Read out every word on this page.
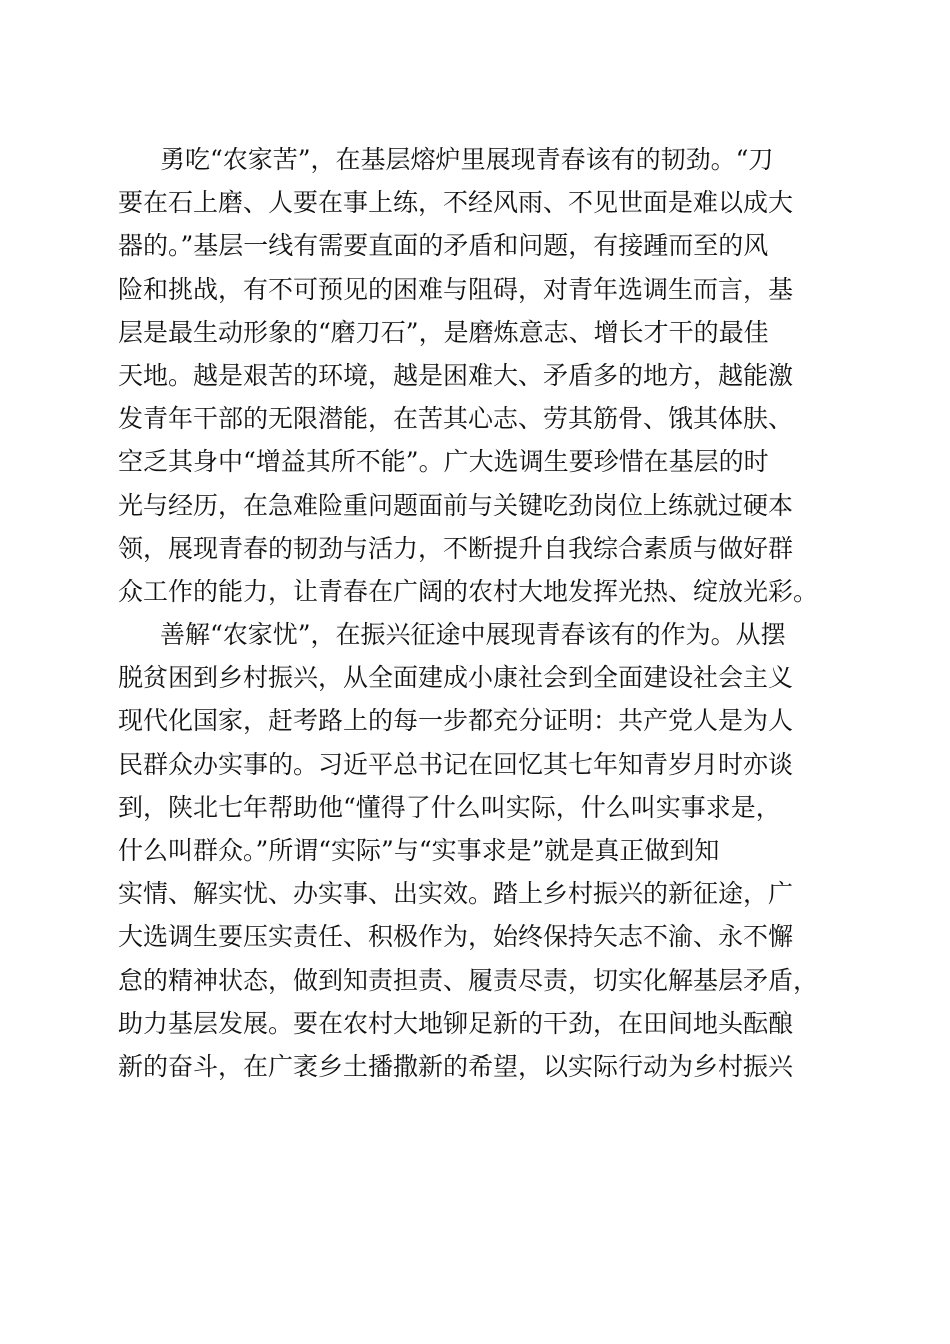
勇吃“农家苦”，在基层熔炉里展现青春该有的韧劲。“刀
要在石上磨、人要在事上练，不经风雨、不见世面是难以成大
器的。”基层一线有需要直面的矛盾和问题，有接踵而至的风
险和挑战，有不可预见的困难与阻碍，对青年选调生而言，基
层是最生动形象的“磨刀石”，是磨炼意志、增长才干的最佳
天地。越是艰苦的环境，越是困难大、矛盾多的地方，越能激
发青年干部的无限潜能，在苦其心志、劳其筋骨、饿其体肤、
空乏其身中“增益其所不能”。广大选调生要珍惜在基层的时
光与经历，在急难险重问题面前与关键吃劲岗位上练就过硬本
领，展现青春的韧劲与活力，不断提升自我综合素质与做好群
众工作的能力，让青春在广阔的农村大地发挥光热、绽放光彩。
善解“农家忧”，在振兴征途中展现青春该有的作为。从摆
脱贫困到乡村振兴，从全面建成小康社会到全面建设社会主义
现代化国家，赶考路上的每一步都充分证明：共产党人是为人
民群众办实事的。习近平总书记在回忆其七年知青岁月时亦谈
到，陕北七年帮助他“懂得了什么叫实际，什么叫实事求是，
什么叫群众。”所谓“实际”与“实事求是”就是真正做到知
实情、解实忧、办实事、出实效。踏上乡村振兴的新征途，广
大选调生要压实责任、积极作为，始终保持矢志不渝、永不懈
怠的精神状态，做到知责担责、履责尽责，切实化解基层矛盾，
助力基层发展。要在农村大地铆足新的干劲，在田间地头酝酿
新的奋斗，在广袤乡土播撒新的希望，以实际行动为乡村振兴
